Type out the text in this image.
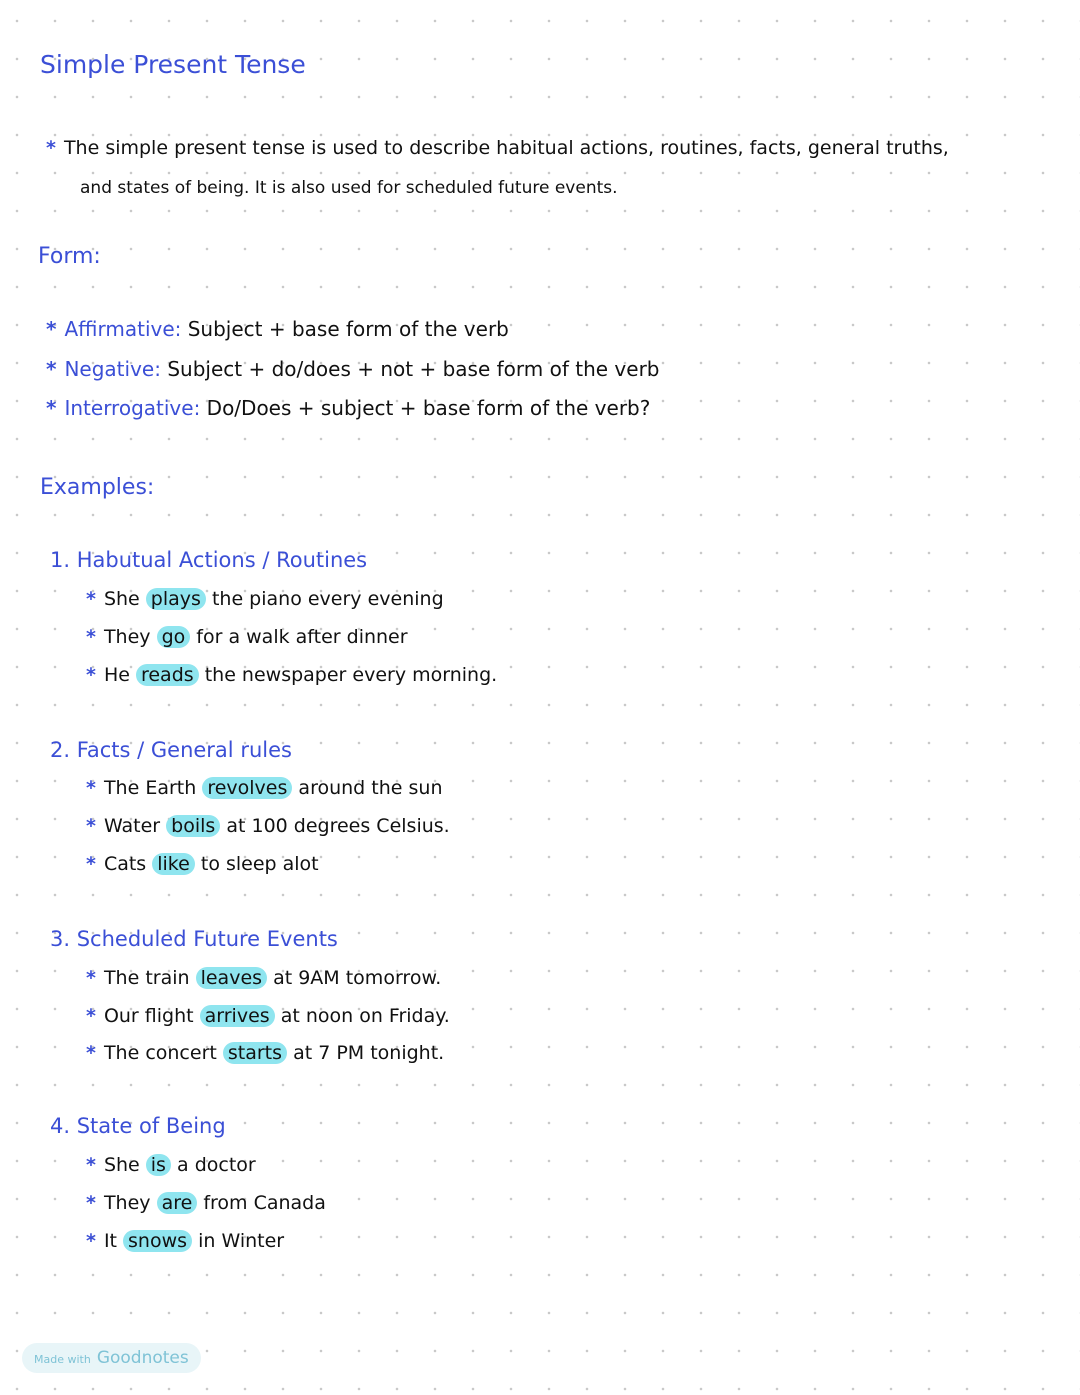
Simple Present Tense
* The simple present tense is used to describe habitual actions, routines, facts, general truths,
and states of being. It is also used for scheduled future events.
Form:
* Affirmative: Subject + base form of the verb
* Negative: Subject + do/does + not + base form of the verb
* Interrogative: Do/Does + subject + base form of the verb?
Examples:
1. Habutual Actions / Routines
* She plays the piano every evening
* They go for a walk after dinner
* He reads the newspaper every morning.
2. Facts / General rules
* The Earth revolves around the sun
* Water boils at 100 degrees Celsius.
* Cats like to sleep alot
3. Scheduled Future Events
* The train leaves at 9AM tomorrow.
* Our flight arrives at noon on Friday.
* The concert starts at 7 PM tonight.
4. State of Being
* She is a doctor
* They are from Canada
* It snows in Winter
Made with Goodnotes
